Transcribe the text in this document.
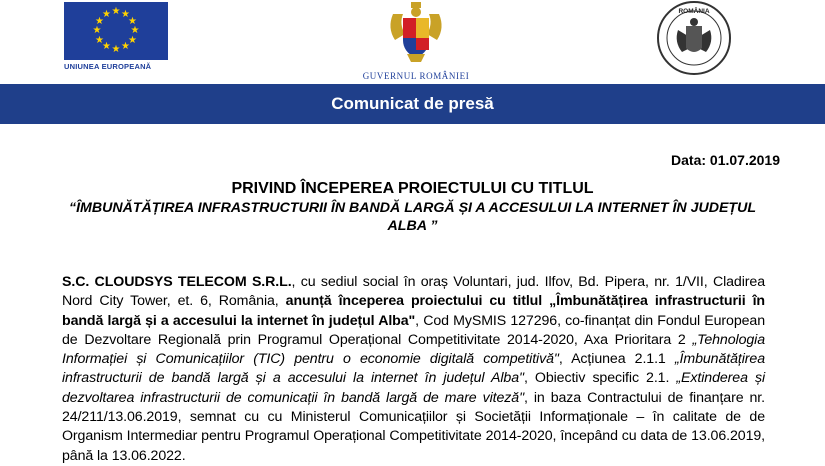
★ ★
★
★
★
★
★
★
★
★
★
★
UNIUNEA EUROPEANĂ
GUVERNUL ROMÂNIEI
ROMÂNIA
Comunicat de presă
Data: 01.07.2019
PRIVIND ÎNCEPEREA PROIECTULUI CU TITLUL
“ÎMBUNĂTĂȚIREA INFRASTRUCTURII ÎN BANDĂ LARGĂ ȘI A ACCESULUI LA INTERNET ÎN JUDEȚUL ALBA ”
S.C. CLOUDSYS TELECOM S.R.L., cu sediul social în oraș Voluntari, jud. Ilfov, Bd. Pipera, nr. 1/VII, Cladirea Nord City Tower, et. 6, România, anunță începerea proiectului cu titlul „Îmbunătățirea infrastructurii în bandă largă și a accesului la internet în județul Alba", Cod MySMIS 127296, co-finanțat din Fondul European de Dezvoltare Regională prin Programul Operațional Competitivitate 2014-2020, Axa Prioritara 2 „Tehnologia Informației și Comunicațiilor (TIC) pentru o economie digitală competitivă", Acțiunea 2.1.1 „Îmbunătățirea infrastructurii de bandă largă și a accesului la internet în județul Alba", Obiectiv specific 2.1. „Extinderea și dezvoltarea infrastructurii de comunicații în bandă largă de mare viteză", in baza Contractului de finanțare nr. 24/211/13.06.2019, semnat cu cu Ministerul Comunicațiilor și Societății Informaționale – în calitate de de Organism Intermediar pentru Programul Operațional Competitivitate 2014-2020, începând cu data de 13.06.2019, până la 13.06.2022.
